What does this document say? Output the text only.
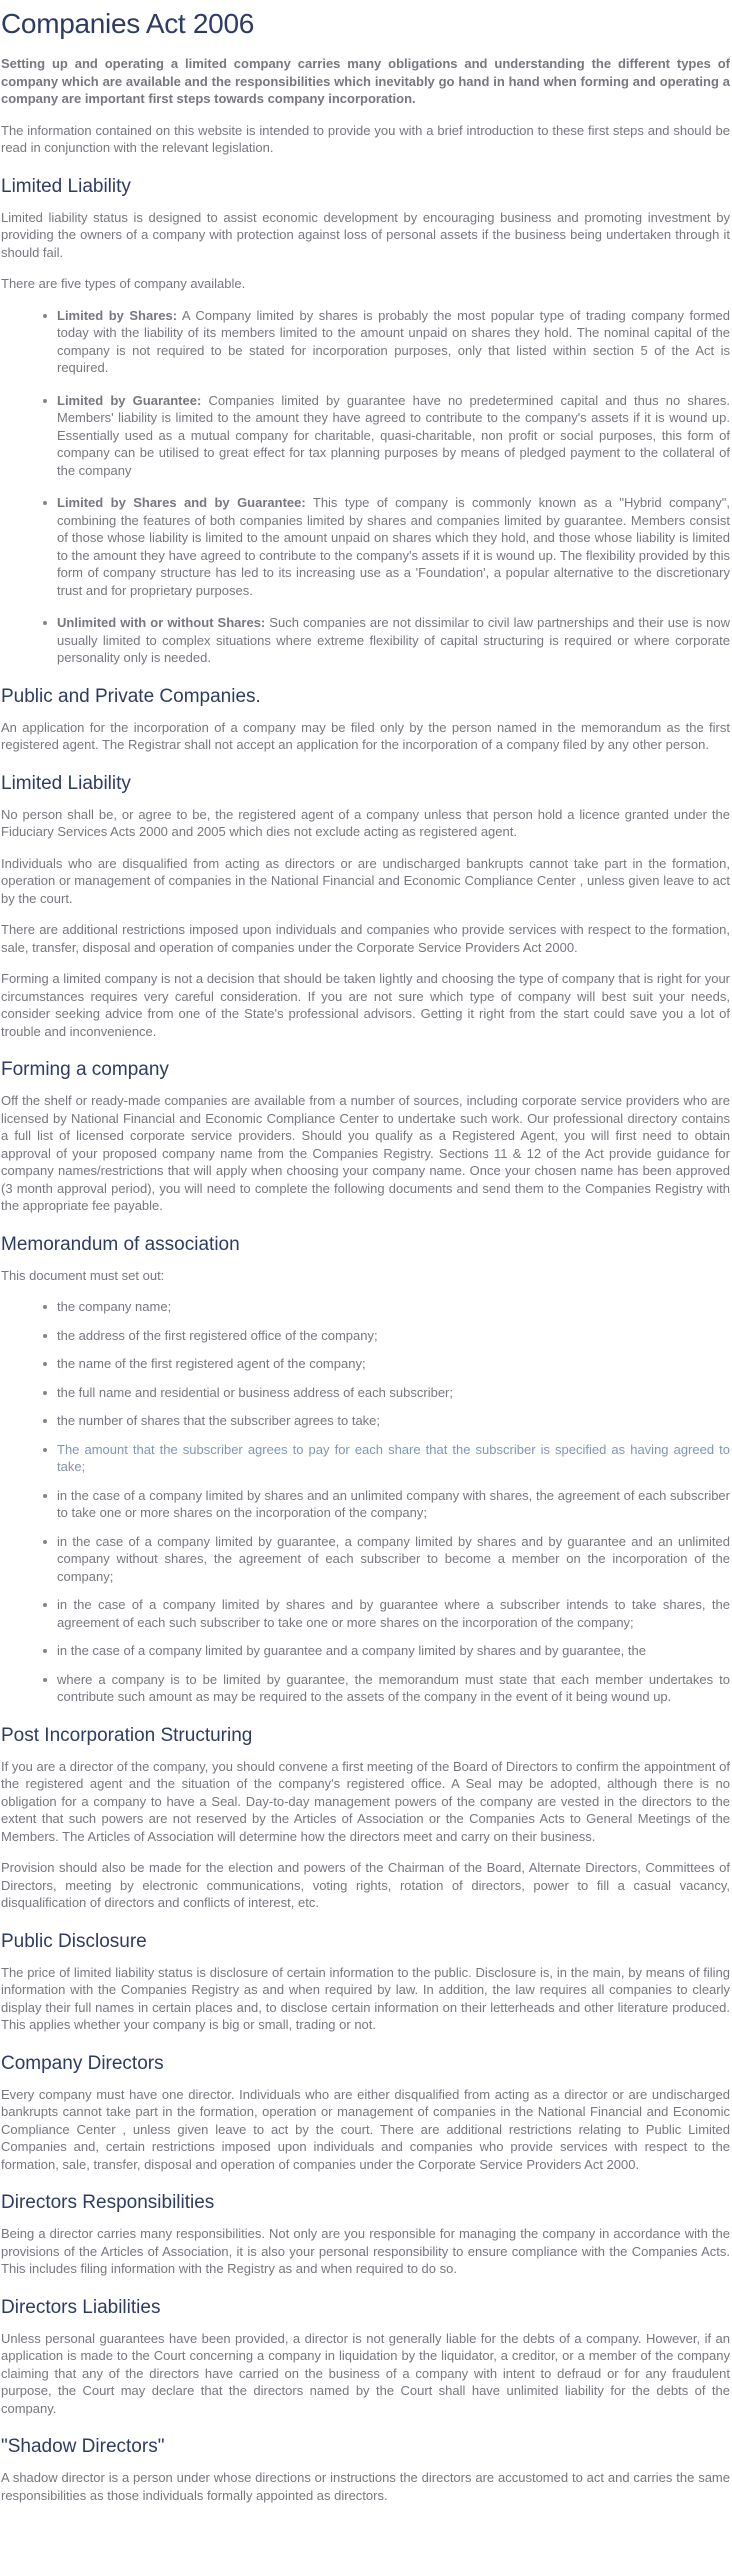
Companies Act 2006

Setting up and operating a limited company carries many obligations and understanding the different types of company which are available and the responsibilities which inevitably go hand in hand when forming and operating a company are important first steps towards company incorporation.

The information contained on this website is intended to provide you with a brief introduction to these first steps and should be read in conjunction with the relevant legislation.

Limited Liability

Limited liability status is designed to assist economic development by encouraging business and promoting investment by providing the owners of a company with protection against loss of personal assets if the business being undertaken through it should fail.

There are five types of company available.

Limited by Shares: A Company limited by shares is probably the most popular type of trading company formed today with the liability of its members limited to the amount unpaid on shares they hold. The nominal capital of the company is not required to be stated for incorporation purposes, only that listed within section 5 of the Act is required.
Limited by Guarantee: Companies limited by guarantee have no predetermined capital and thus no shares. Members' liability is limited to the amount they have agreed to contribute to the company's assets if it is wound up. Essentially used as a mutual company for charitable, quasi-charitable, non profit or social purposes, this form of company can be utilised to great effect for tax planning purposes by means of pledged payment to the collateral of the company
Limited by Shares and by Guarantee: This type of company is commonly known as a "Hybrid company", combining the features of both companies limited by shares and companies limited by guarantee. Members consist of those whose liability is limited to the amount unpaid on shares which they hold, and those whose liability is limited to the amount they have agreed to contribute to the company's assets if it is wound up. The flexibility provided by this form of company structure has led to its increasing use as a 'Foundation', a popular alternative to the discretionary trust and for proprietary purposes.
Unlimited with or without Shares: Such companies are not dissimilar to civil law partnerships and their use is now usually limited to complex situations where extreme flexibility of capital structuring is required or where corporate personality only is needed.
Public and Private Companies.

An application for the incorporation of a company may be filed only by the person named in the memorandum as the first registered agent. The Registrar shall not accept an application for the incorporation of a company filed by any other person.

Limited Liability

No person shall be, or agree to be, the registered agent of a company unless that person hold a licence granted under the Fiduciary Services Acts 2000 and 2005 which dies not exclude acting as registered agent.

Individuals who are disqualified from acting as directors or are undischarged bankrupts cannot take part in the formation, operation or management of companies in the National Financial and Economic Compliance Center , unless given leave to act by the court.

There are additional restrictions imposed upon individuals and companies who provide services with respect to the formation, sale, transfer, disposal and operation of companies under the Corporate Service Providers Act 2000.

Forming a limited company is not a decision that should be taken lightly and choosing the type of company that is right for your circumstances requires very careful consideration. If you are not sure which type of company will best suit your needs, consider seeking advice from one of the State's professional advisors. Getting it right from the start could save you a lot of trouble and inconvenience.

Forming a company

Off the shelf or ready-made companies are available from a number of sources, including corporate service providers who are licensed by National Financial and Economic Compliance Center to undertake such work. Our professional directory contains a full list of licensed corporate service providers. Should you qualify as a Registered Agent, you will first need to obtain approval of your proposed company name from the Companies Registry. Sections 11 & 12 of the Act provide guidance for company names/restrictions that will apply when choosing your company name. Once your chosen name has been approved (3 month approval period), you will need to complete the following documents and send them to the Companies Registry with the appropriate fee payable.

Memorandum of association

This document must set out:

the company name;
the address of the first registered office of the company;
the name of the first registered agent of the company;
the full name and residential or business address of each subscriber;
the number of shares that the subscriber agrees to take;
The amount that the subscriber agrees to pay for each share that the subscriber is specified as having agreed to take;
in the case of a company limited by shares and an unlimited company with shares, the agreement of each subscriber to take one or more shares on the incorporation of the company;
in the case of a company limited by guarantee, a company limited by shares and by guarantee and an unlimited company without shares, the agreement of each subscriber to become a member on the incorporation of the company;
in the case of a company limited by shares and by guarantee where a subscriber intends to take shares, the agreement of each such subscriber to take one or more shares on the incorporation of the company;
in the case of a company limited by guarantee and a company limited by shares and by guarantee, the
where a company is to be limited by guarantee, the memorandum must state that each member undertakes to contribute such amount as may be required to the assets of the company in the event of it being wound up.
Post Incorporation Structuring

If you are a director of the company, you should convene a first meeting of the Board of Directors to confirm the appointment of the registered agent and the situation of the company's registered office. A Seal may be adopted, although there is no obligation for a company to have a Seal. Day-to-day management powers of the company are vested in the directors to the extent that such powers are not reserved by the Articles of Association or the Companies Acts to General Meetings of the Members. The Articles of Association will determine how the directors meet and carry on their business.

Provision should also be made for the election and powers of the Chairman of the Board, Alternate Directors, Committees of Directors, meeting by electronic communications, voting rights, rotation of directors, power to fill a casual vacancy, disqualification of directors and conflicts of interest, etc.

Public Disclosure

The price of limited liability status is disclosure of certain information to the public. Disclosure is, in the main, by means of filing information with the Companies Registry as and when required by law. In addition, the law requires all companies to clearly display their full names in certain places and, to disclose certain information on their letterheads and other literature produced. This applies whether your company is big or small, trading or not.

Company Directors

Every company must have one director. Individuals who are either disqualified from acting as a director or are undischarged bankrupts cannot take part in the formation, operation or management of companies in the National Financial and Economic Compliance Center , unless given leave to act by the court. There are additional restrictions relating to Public Limited Companies and, certain restrictions imposed upon individuals and companies who provide services with respect to the formation, sale, transfer, disposal and operation of companies under the Corporate Service Providers Act 2000.

Directors Responsibilities

Being a director carries many responsibilities. Not only are you responsible for managing the company in accordance with the provisions of the Articles of Association, it is also your personal responsibility to ensure compliance with the Companies Acts. This includes filing information with the Registry as and when required to do so.

Directors Liabilities

Unless personal guarantees have been provided, a director is not generally liable for the debts of a company. However, if an application is made to the Court concerning a company in liquidation by the liquidator, a creditor, or a member of the company claiming that any of the directors have carried on the business of a company with intent to defraud or for any fraudulent purpose, the Court may declare that the directors named by the Court shall have unlimited liability for the debts of the company.

"Shadow Directors"

A shadow director is a person under whose directions or instructions the directors are accustomed to act and carries the same responsibilities as those individuals formally appointed as directors.
